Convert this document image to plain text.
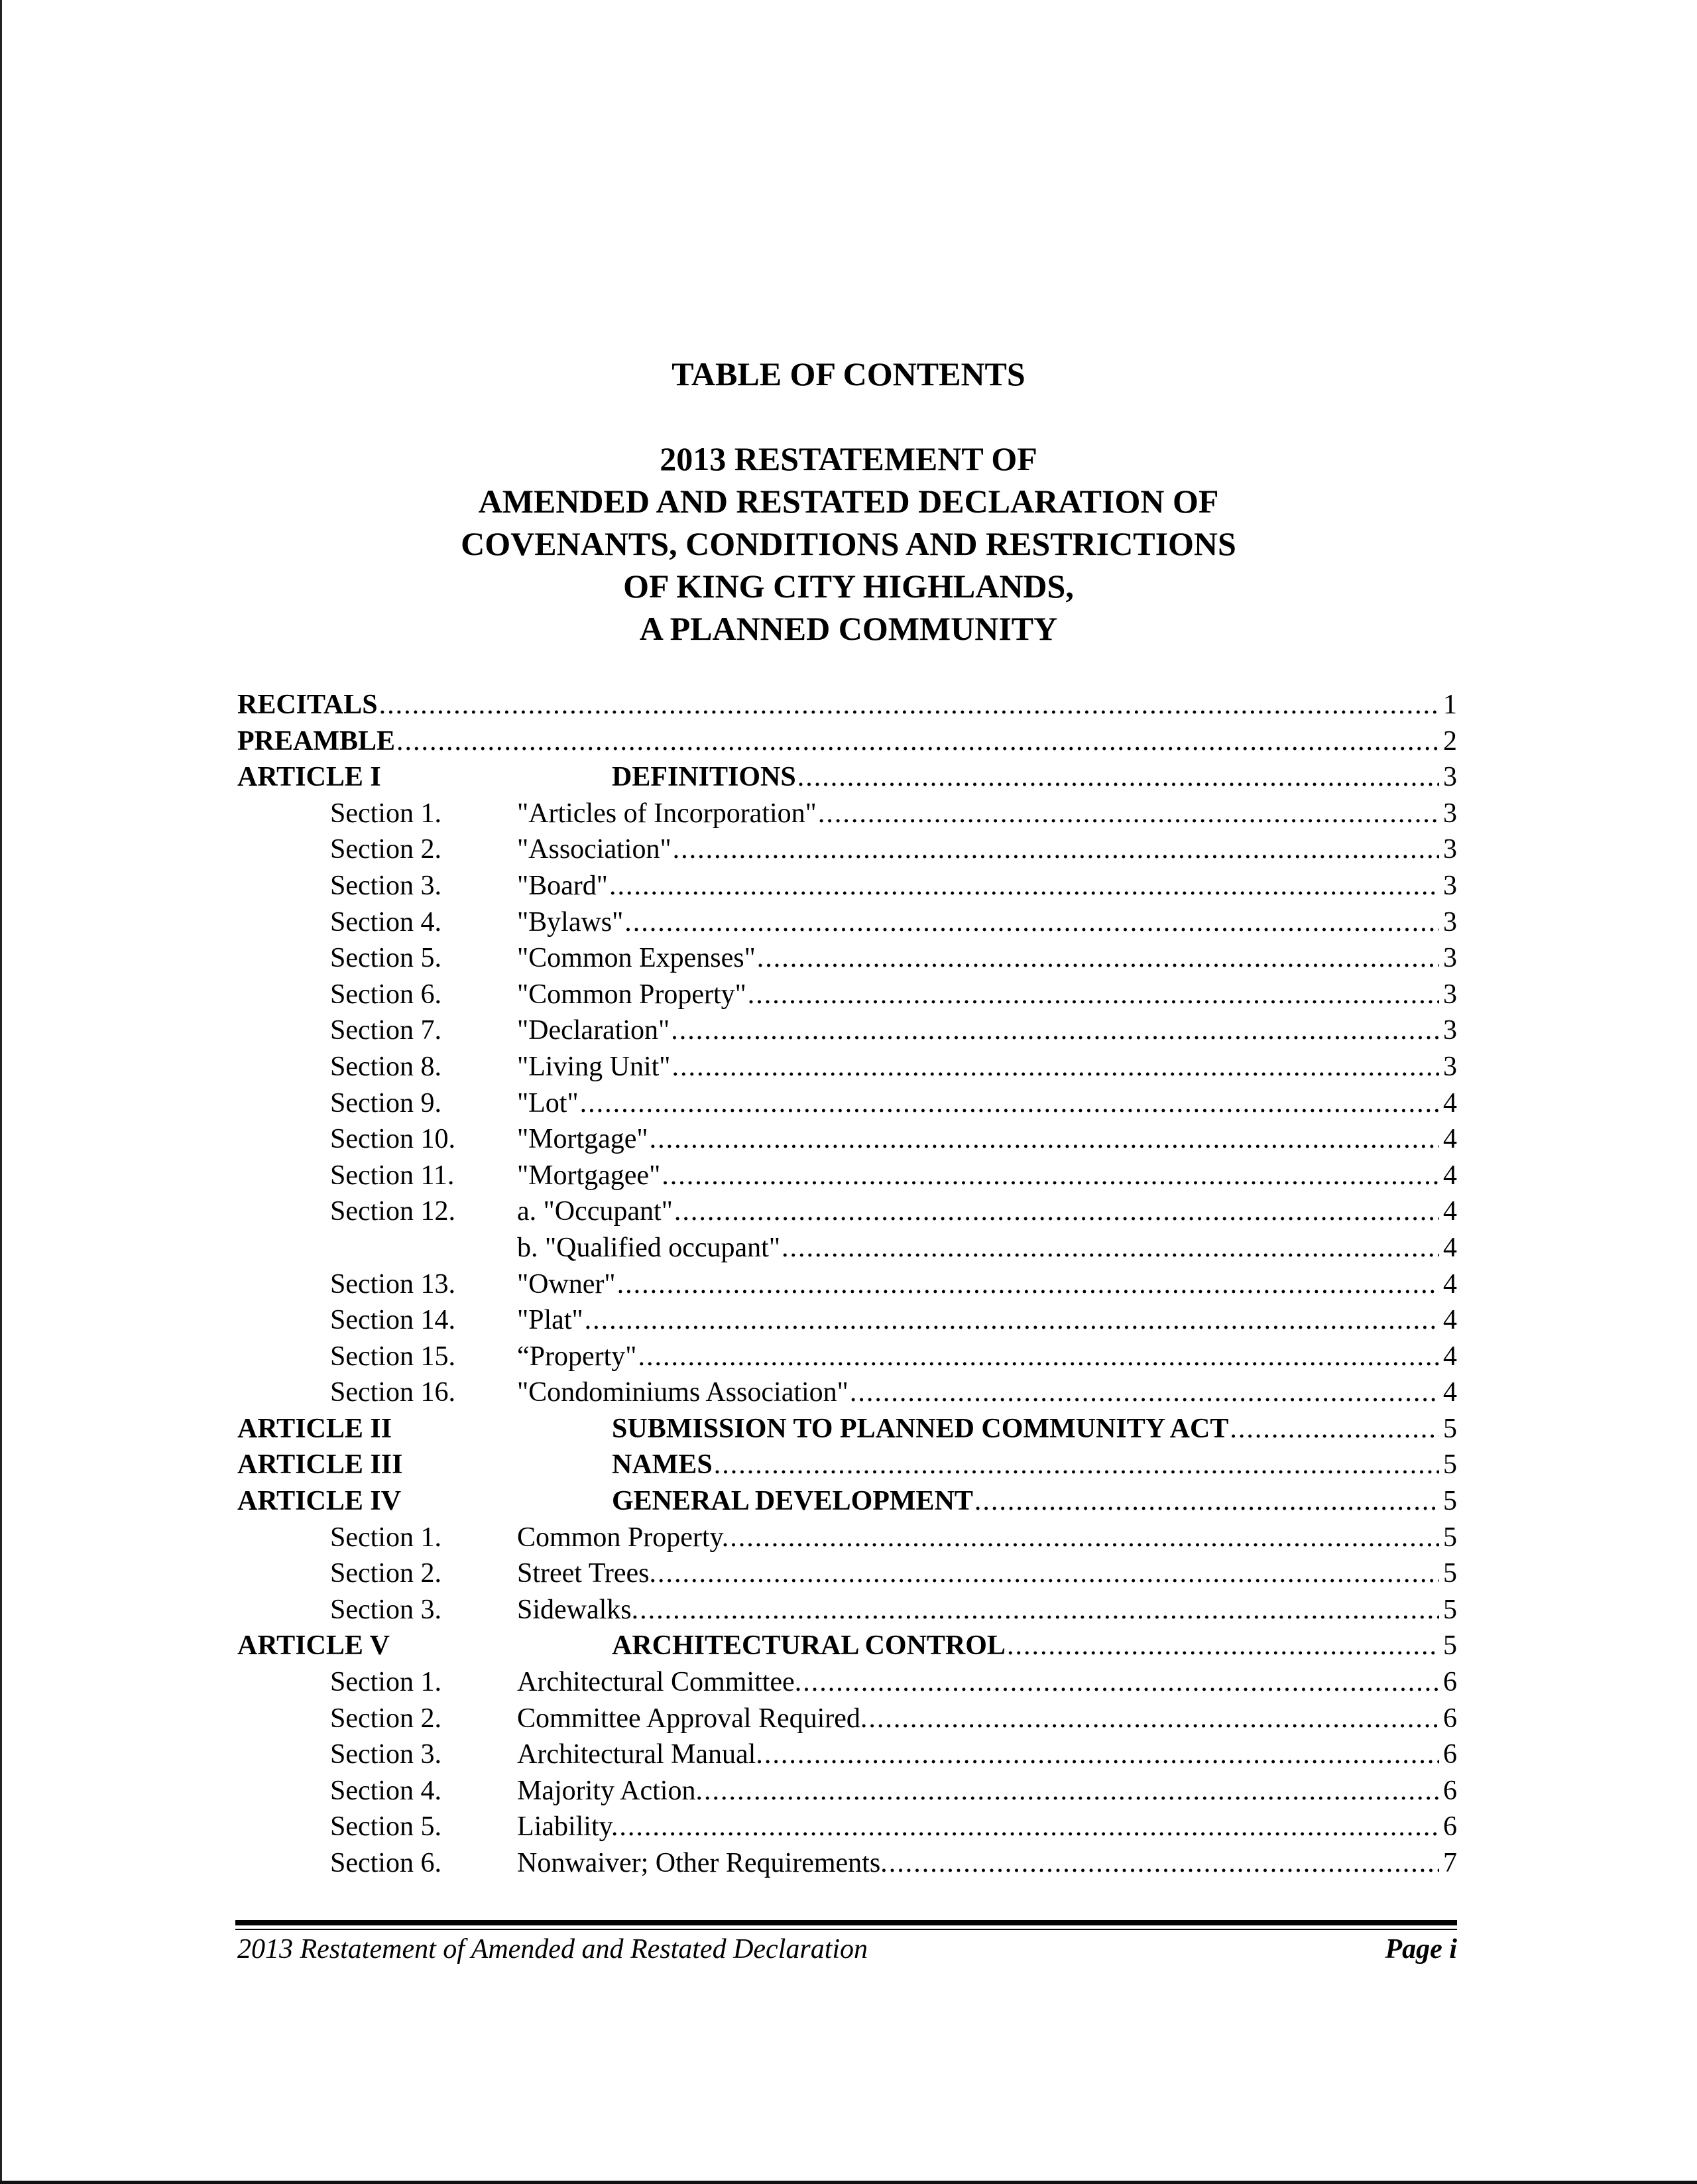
TABLE OF CONTENTS
2013 RESTATEMENT OF
AMENDED AND RESTATED DECLARATION OF
COVENANTS, CONDITIONS AND RESTRICTIONS
OF KING CITY HIGHLANDS,
A PLANNED COMMUNITY
RECITALS .....	1
PREAMBLE .....	2
ARTICLE I	DEFINITIONS .....	3
Section 1.	"Articles of Incorporation" .....	3
Section 2.	"Association" .....	3
Section 3.	"Board" .....	3
Section 4.	"Bylaws" .....	3
Section 5.	"Common Expenses" .....	3
Section 6.	"Common Property" .....	3
Section 7.	"Declaration" .....	3
Section 8.	"Living Unit" .....	3
Section 9.	"Lot" .....	4
Section 10. "Mortgage" .....	4
Section 11. "Mortgagee" .....	4
Section 12. a. "Occupant" .....	4
b. "Qualified occupant" .....	4
Section 13. "Owner" .....	4
Section 14. "Plat" .....	4
Section 15. “Property" .....	4
Section 16. "Condominiums Association" .....	4
ARTICLE II	SUBMISSION TO PLANNED COMMUNITY ACT .....	5
ARTICLE III	NAMES .....	5
ARTICLE IV	GENERAL DEVELOPMENT .....	5
Section 1.	Common Property. .....	5
Section 2.	Street Trees. .....	5
Section 3.	Sidewalks. .....	5
ARTICLE V	ARCHITECTURAL CONTROL .....	5
Section 1.	Architectural Committee. .....	6
Section 2.	Committee Approval Required. .....	6
Section 3.	Architectural Manual. .....	6
Section 4.	Majority Action. .....	6
Section 5.	Liability. .....	6
Section 6.	Nonwaiver; Other Requirements. .....	7
2013 Restatement of Amended and Restated Declaration	Page i
